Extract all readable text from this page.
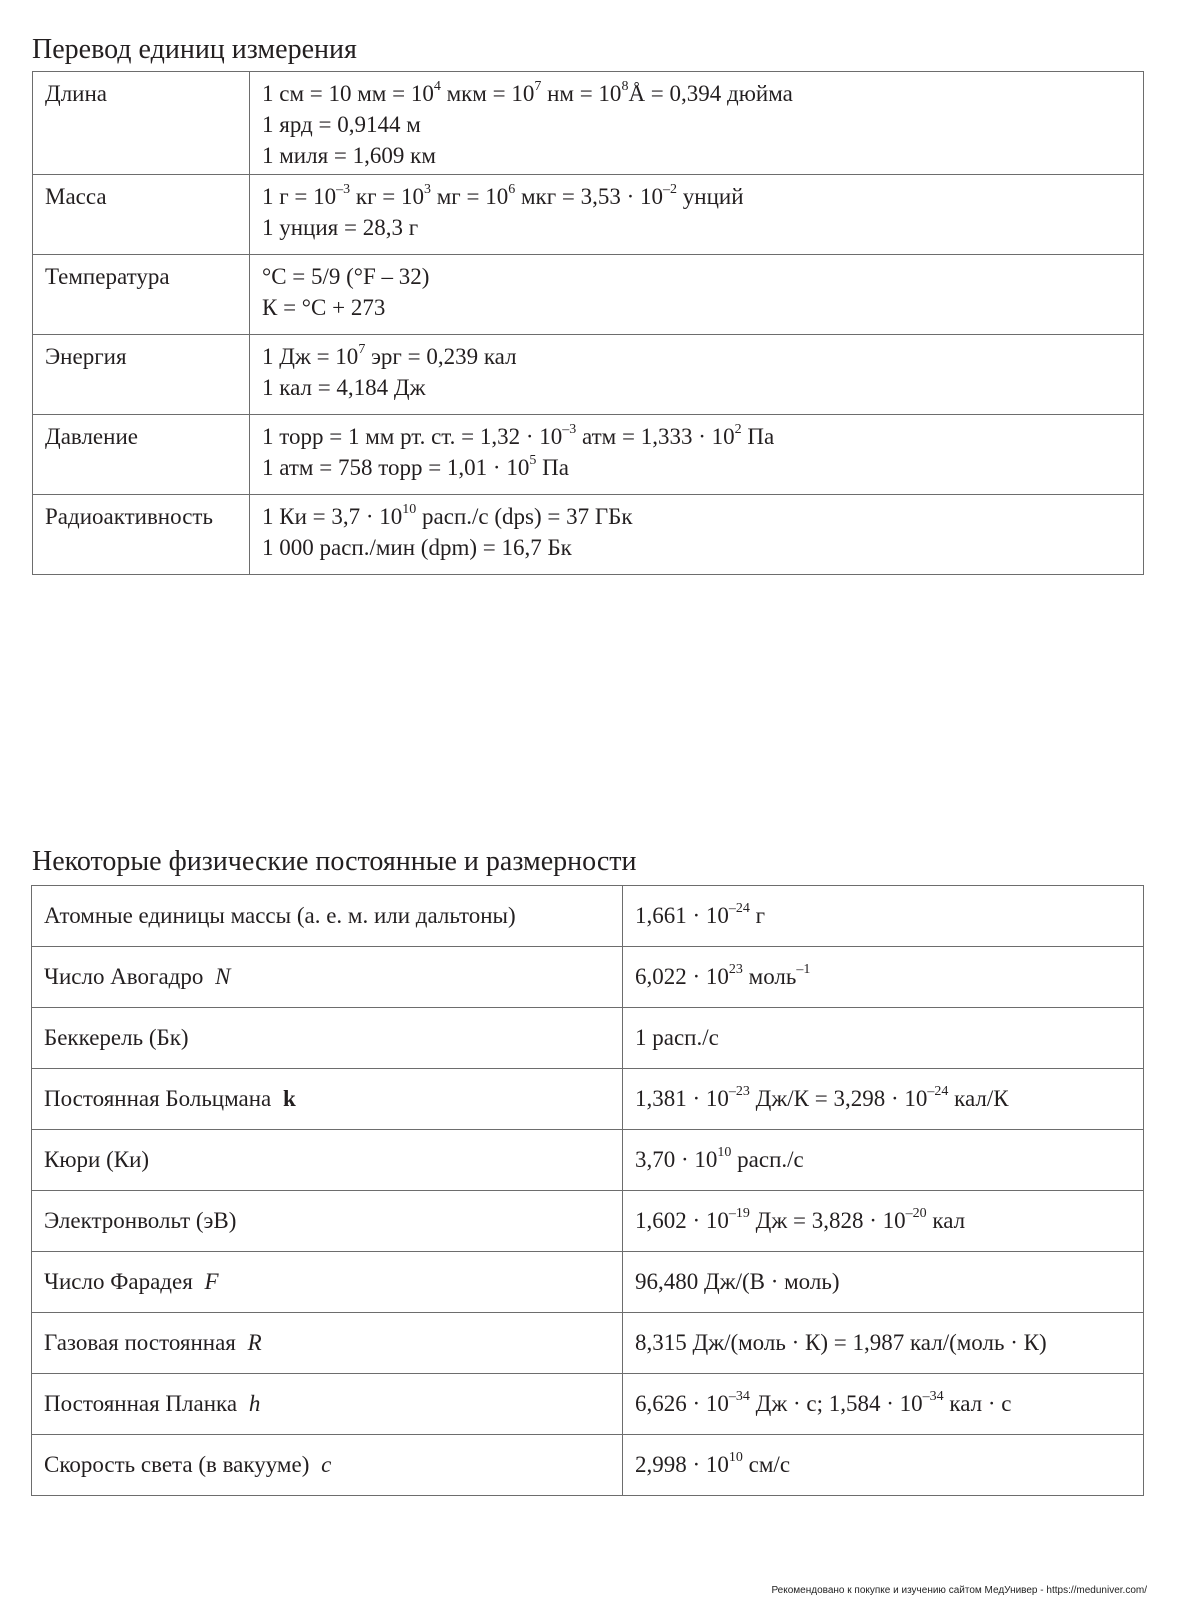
Перевод единиц измерения
Длина	1 см = 10 мм = $10^4$ мкм = $10^7$ нм = $10^8Å = 0,394$ дюйма
1 ярд = 0,9144 м
1 миля = 1,609 км

Масса	1 $г = 10^{-3}$ кг = $10^3$ мг = $10^6$ мкг = $3,53 \cdot 10^{-2}$ унций
1 унция = 28,3 г

Температура	°C = 5/9 (°F – 32)
К = °C + 273

Энергия	1 Дж = $10^7$ эрг = 0,239 кал
1 кал = 4,184 Дж

Давление	1 торр = 1 мм рт. ст. = $1,32 \cdot 10^{-3}$ атм = $1,333 \cdot 10^2$ Па
1 атм = 758 торр = $1,01 \cdot 10^5$ Па

Радиоактивность	1 Ки = $3,7 \cdot 10^{10}$ расп./с (dps) = 37 ГБк
1 000 расп./мин (dpm) = 16,7 Бк
Некоторые физические постоянные и размерности
Атомные единицы массы (а. е. м. или дальтоны)	$1,661 \cdot 10^{-24}$ г
Число Авогадро N	$6,022 \cdot 10^{23}$ моль$^{-1}$
Беккерель (Бк)	1 расп./с
Постоянная Больцмана k	$1,381 \cdot 10^{-23}$ $Дж/К = 3,298 \cdot 10^{-24}$ кал/К
Кюри (Ки)	$3,70 \cdot 10^{10}$ расп./с
Электронвольт (эВ)	$1,602 \cdot 10^{-19}$ Дж = $3,828 \cdot 10^{-20}$ кал
Число Фарадея F	96,480 Дж/(В · моль)
Газовая постоянная R	8,315 Дж/(моль · К) = 1,987 кал/(моль · К)
Постоянная Планка h	$6,626 \cdot 10^{-34}$ Дж · с; $1,584 \cdot 10^{-34}$ кал · с
Скорость света (в вакууме) c	$2,998 \cdot 10^{10}$ см/с
Рекомендовано к покупке и изучению сайтом МедУнивер - https://meduniver.com/
